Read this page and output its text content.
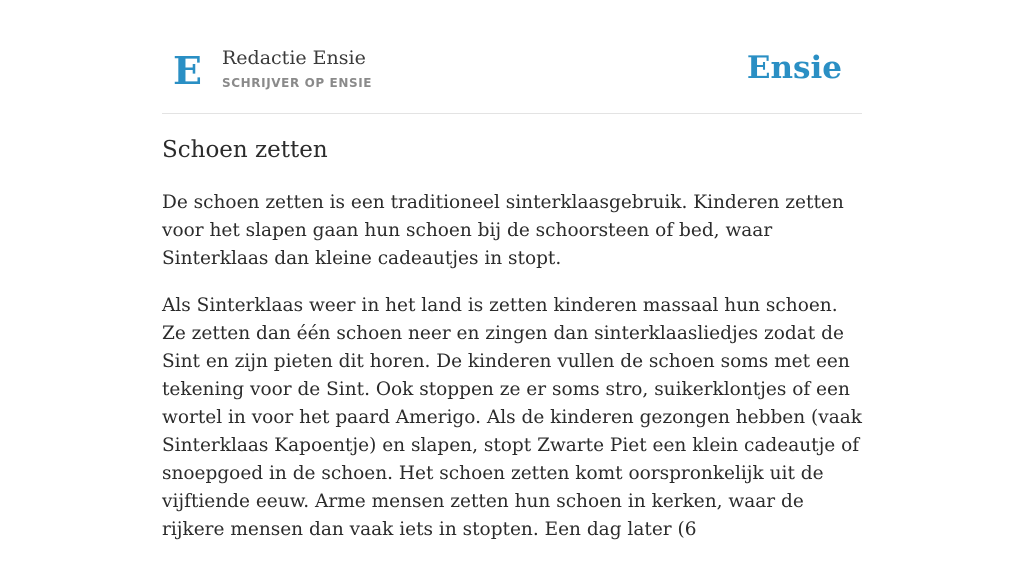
E Redactie Ensie
SCHRIJVER OP ENSIE	Ensie
Schoen zetten

De schoen zetten is een traditioneel sinterklaasgebruik. Kinderen zetten voor het slapen gaan hun schoen bij de schoorsteen of bed, waar Sinterklaas dan kleine cadeautjes in stopt.

Als Sinterklaas weer in het land is zetten kinderen massaal hun schoen. Ze zetten dan één schoen neer en zingen dan sinterklaasliedjes zodat de Sint en zijn pieten dit horen. De kinderen vullen de schoen soms met een tekening voor de Sint. Ook stoppen ze er soms stro, suikerklontjes of een wortel in voor het paard Amerigo. Als de kinderen gezongen hebben (vaak Sinterklaas Kapoentje) en slapen, stopt Zwarte Piet een klein cadeautje of snoepgoed in de schoen. Het schoen zetten komt oorspronkelijk uit de vijftiende eeuw. Arme mensen zetten hun schoen in kerken, waar de rijkere mensen dan vaak iets in stopten. Een dag later (6
